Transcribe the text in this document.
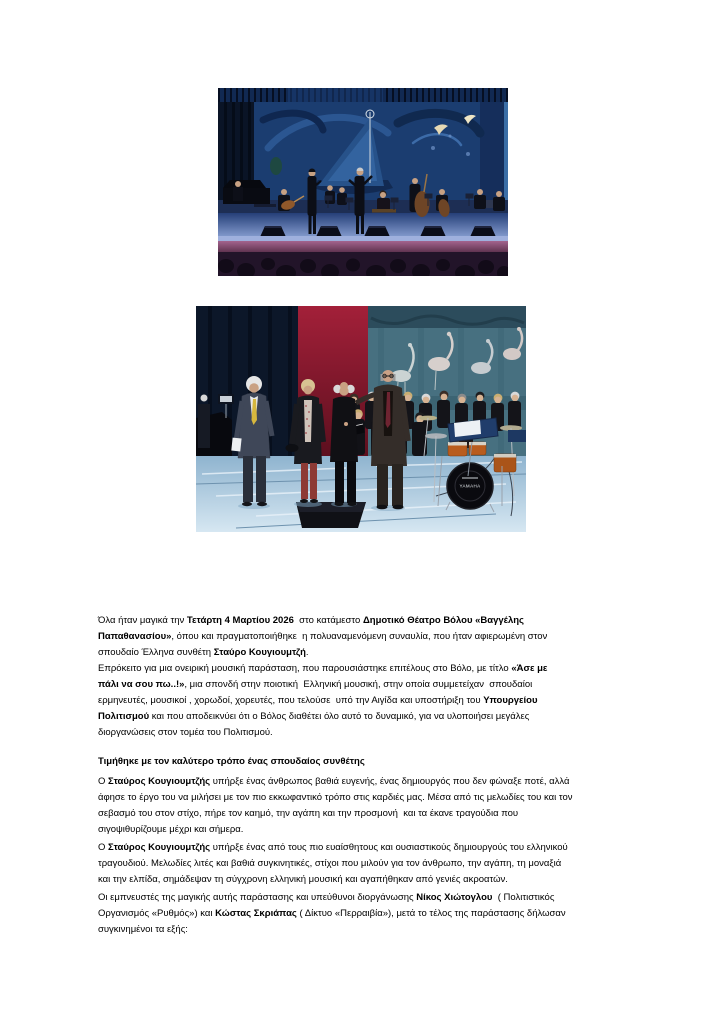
YAMAHA
Όλα ήταν μαγικά την Τετάρτη 4 Μαρτίου 2026  στο κατάμεστο Δημοτικό Θέατρο Βόλου «Βαγγέλης
Παπαθανασίου», όπου και πραγματοποιήθηκε  η πολυαναμενόμενη συναυλία, που ήταν αφιερωμένη στον
σπουδαίο Έλληνα συνθέτη Σταύρο Κουγιουμτζή.
Επρόκειτο για μια ονειρική μουσική παράσταση, που παρουσιάστηκε επιτέλους στο Βόλο, με τίτλο «Άσε με
πάλι να σου πω..!», μια σπονδή στην ποιοτική  Ελληνική μουσική, στην οποία συμμετείχαν  σπουδαίοι
ερμηνευτές, μουσικοί , χορωδοί, χορευτές, που τελούσε  υπό την Αιγίδα και υποστήριξη του Υπουργείου
Πολιτισμού και που αποδεικνύει ότι ο Βόλος διαθέτει όλο αυτό το δυναμικό, για να υλοποιήσει μεγάλες
διοργανώσεις στον τομέα του Πολιτισμού.
Τιμήθηκε με τον καλύτερο τρόπο ένας σπουδαίος συνθέτης
Ο Σταύρος Κουγιουμτζής υπήρξε ένας άνθρωπος βαθιά ευγενής, ένας δημιουργός που δεν φώναξε ποτέ, αλλά
άφησε το έργο του να μιλήσει με τον πιο εκκωφαντικό τρόπο στις καρδιές μας. Μέσα από τις μελωδίες του και τον
σεβασμό του στον στίχο, πήρε τον καημό, την αγάπη και την προσμονή  και τα έκανε τραγούδια που
σιγοψιθυρίζουμε μέχρι και σήμερα.
Ο Σταύρος Κουγιουμτζής υπήρξε ένας από τους πιο ευαίσθητους και ουσιαστικούς δημιουργούς του ελληνικού
τραγουδιού. Μελωδίες λιτές και βαθιά συγκινητικές, στίχοι που μιλούν για τον άνθρωπο, την αγάπη, τη μοναξιά
και την ελπίδα, σημάδεψαν τη σύγχρονη ελληνική μουσική και αγαπήθηκαν από γενιές ακροατών.
Οι εμπνευστές της μαγικής αυτής παράστασης και υπεύθυνοι διοργάνωσης Νίκος Χιώτογλου  ( Πολιτιστικός
Οργανισμός «Ρυθμός») και Κώστας Σκριάπας ( Δίκτυο «Περραιβία»), μετά το τέλος της παράστασης δήλωσαν
συγκινημένοι τα εξής:
